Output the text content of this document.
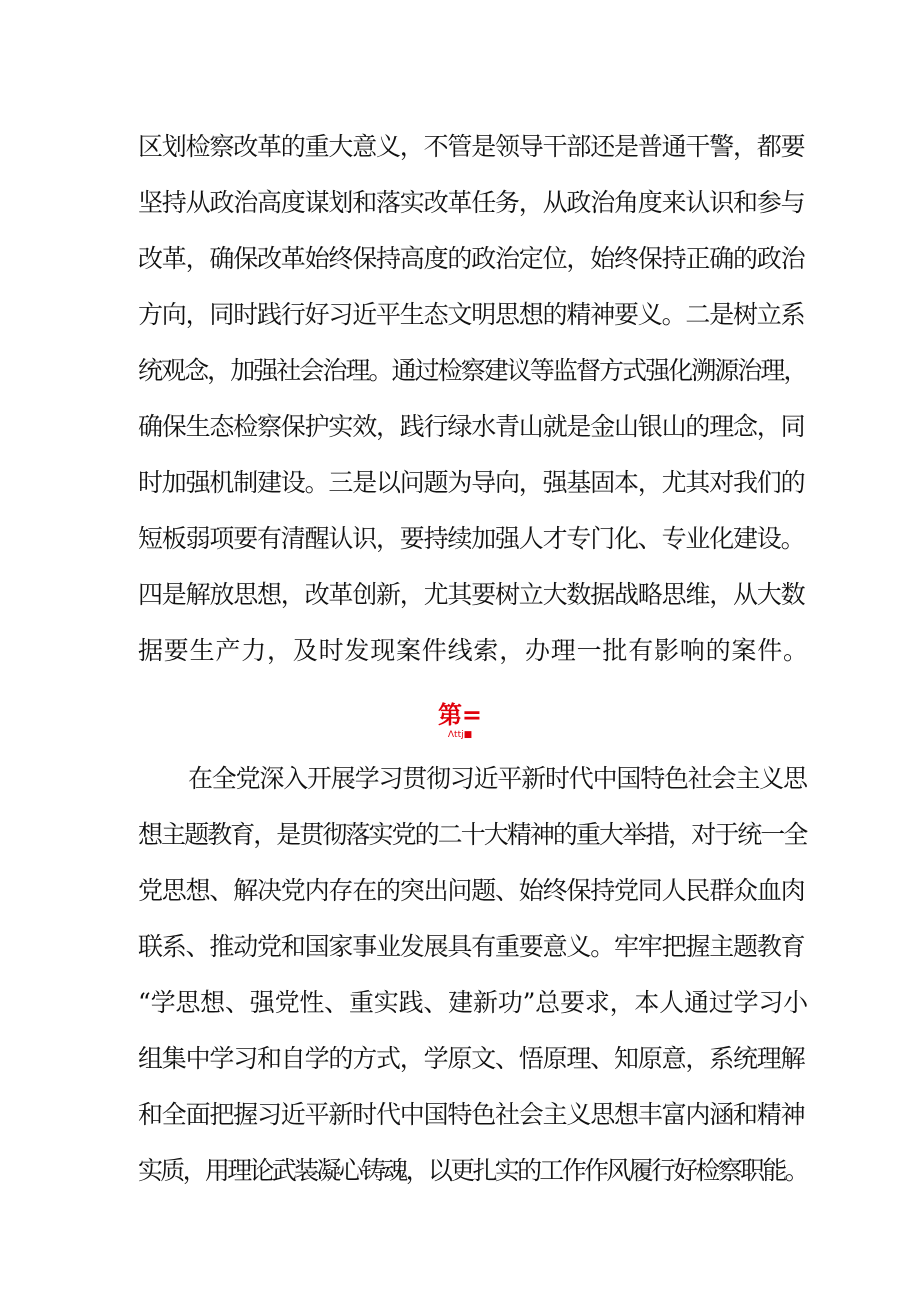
区划检察改革的重大意义，不管是领导干部还是普通干警，都要
坚持从政治高度谋划和落实改革任务，从政治角度来认识和参与
改革，确保改革始终保持高度的政治定位，始终保持正确的政治
方向，同时践行好习近平生态文明思想的精神要义。二是树立系
统观念，加强社会治理。通过检察建议等监督方式强化溯源治理，
确保生态检察保护实效，践行绿水青山就是金山银山的理念，同
时加强机制建设。三是以问题为导向，强基固本，尤其对我们的
短板弱项要有清醒认识，要持续加强人才专门化、专业化建设。
四是解放思想，改革创新，尤其要树立大数据战略思维，从大数
据要生产力，及时发现案件线索，办理一批有影响的案件。
第=
Λttj■
在全党深入开展学习贯彻习近平新时代中国特色社会主义思
想主题教育，是贯彻落实党的二十大精神的重大举措，对于统一全
党思想、解决党内存在的突出问题、始终保持党同人民群众血肉
联系、推动党和国家事业发展具有重要意义。牢牢把握主题教育
“学思想、强党性、重实践、建新功”总要求，本人通过学习小
组集中学习和自学的方式，学原文、悟原理、知原意，系统理解
和全面把握习近平新时代中国特色社会主义思想丰富内涵和精神
实质，用理论武装凝心铸魂，以更扎实的工作作风履行好检察职能。
